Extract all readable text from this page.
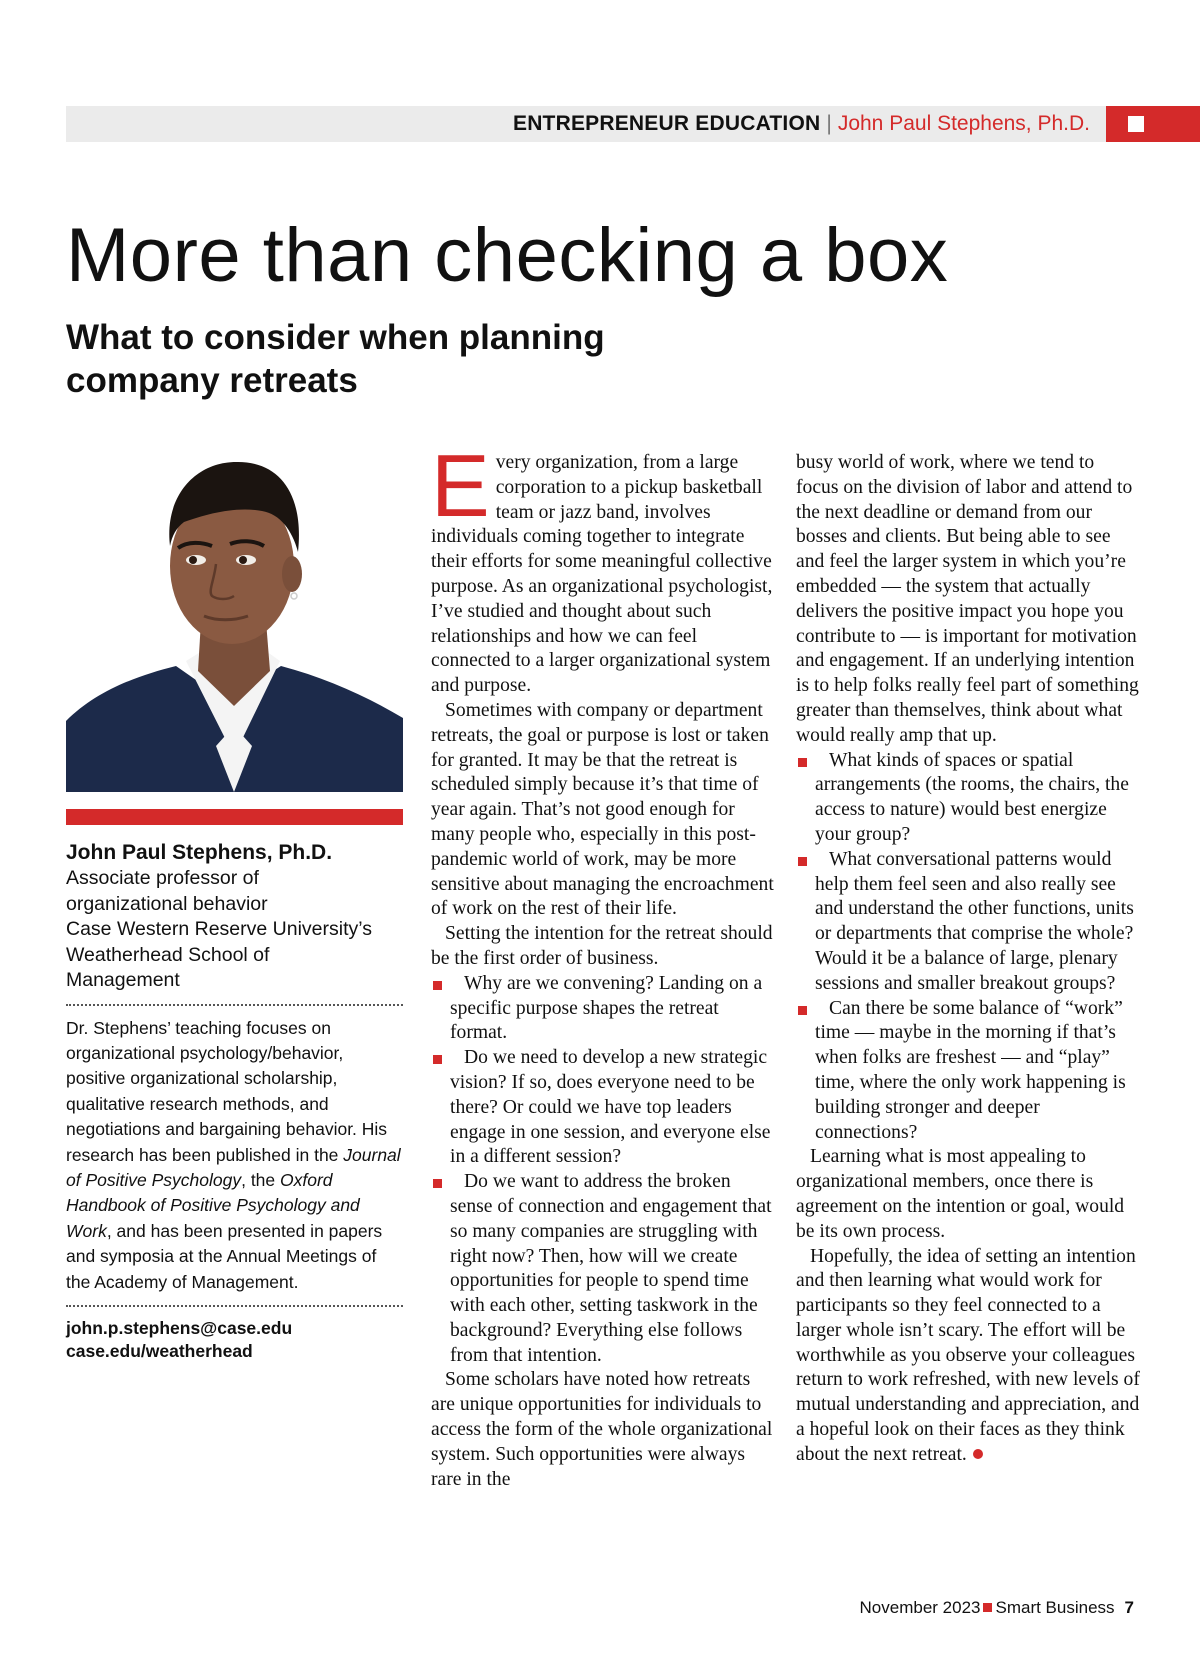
ENTREPRENEUR EDUCATION | John Paul Stephens, Ph.D.
More than checking a box
What to consider when planning company retreats
John Paul Stephens, Ph.D.
Associate professor of
organizational behavior
Case Western Reserve University’s
Weatherhead School of
Management
Dr. Stephens’ teaching focuses on organizational psychology/behavior, positive organizational scholarship, qualitative research methods, and negotiations and bargaining behavior. His research has been published in the Journal of Positive Psychology, the Oxford Handbook of Positive Psychology and Work, and has been presented in papers and symposia at the Annual Meetings of the Academy of Management.
john.p.stephens@case.edu
case.edu/weatherhead

Every organization, from a large corporation to a pickup basketball team or jazz band, involves individuals coming together to integrate their efforts for some meaningful collective purpose. As an organizational psychologist, I’ve studied and thought about such relationships and how we can feel connected to a larger organizational system and purpose.

Sometimes with company or department retreats, the goal or purpose is lost or taken for granted. It may be that the retreat is scheduled simply because it’s that time of year again. That’s not good enough for many people who, especially in this post-pandemic world of work, may be more sensitive about managing the encroachment of work on the rest of their life.

Setting the intention for the retreat should be the first order of business.

Why are we convening? Landing on a specific purpose shapes the retreat format.

Do we need to develop a new strategic vision? If so, does everyone need to be there? Or could we have top leaders engage in one session, and everyone else in a different session?

Do we want to address the broken sense of connection and engagement that so many companies are struggling with right now? Then, how will we create opportunities for people to spend time with each other, setting taskwork in the background? Everything else follows from that intention.

Some scholars have noted how retreats are unique opportunities for individuals to access the form of the whole organizational system. Such opportunities were always rare in the

busy world of work, where we tend to focus on the division of labor and attend to the next deadline or demand from our bosses and clients. But being able to see and feel the larger system in which you’re embedded — the system that actually delivers the positive impact you hope you contribute to — is important for motivation and engagement. If an underlying intention is to help folks really feel part of something greater than themselves, think about what would really amp that up.

What kinds of spaces or spatial arrangements (the rooms, the chairs, the access to nature) would best energize your group?

What conversational patterns would help them feel seen and also really see and understand the other functions, units or departments that comprise the whole? Would it be a balance of large, plenary sessions and smaller breakout groups?

Can there be some balance of “work” time — maybe in the morning if that’s when folks are freshest — and “play” time, where the only work happening is building stronger and deeper connections?

Learning what is most appealing to organizational members, once there is agreement on the intention or goal, would be its own process.

Hopefully, the idea of setting an intention and then learning what would work for participants so they feel connected to a larger whole isn’t scary. The effort will be worthwhile as you observe your colleagues return to work refreshed, with new levels of mutual understanding and appreciation, and a hopeful look on their faces as they think about the next retreat.

November 2023 Smart Business 7
